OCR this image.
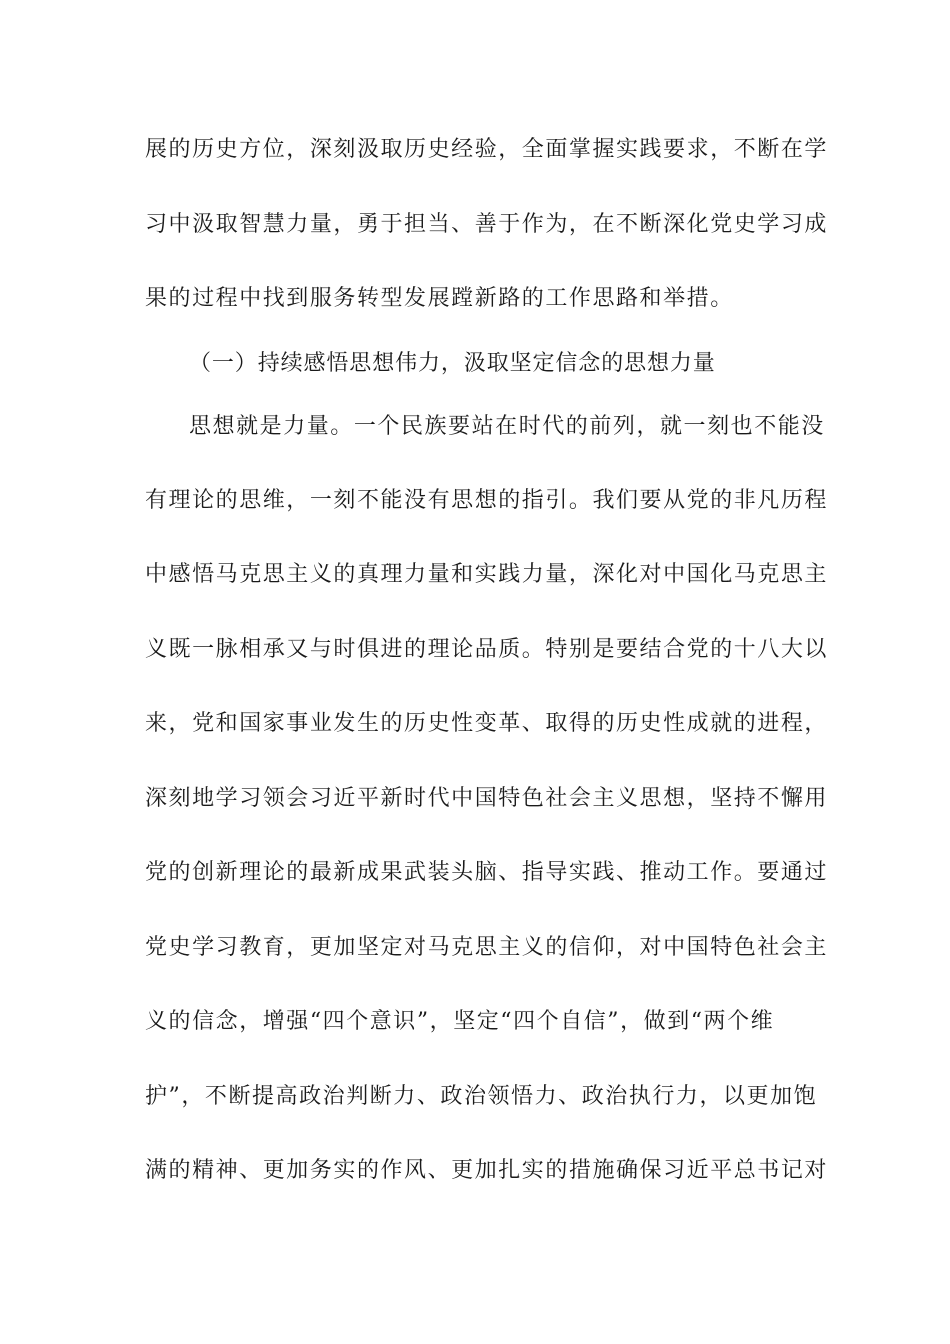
展的历史方位，深刻汲取历史经验，全面掌握实践要求，不断在学
习中汲取智慧力量，勇于担当、善于作为，在不断深化党史学习成
果的过程中找到服务转型发展蹚新路的工作思路和举措。
（一）持续感悟思想伟力，汲取坚定信念的思想力量
思想就是力量。一个民族要站在时代的前列，就一刻也不能没
有理论的思维，一刻不能没有思想的指引。我们要从党的非凡历程
中感悟马克思主义的真理力量和实践力量，深化对中国化马克思主
义既一脉相承又与时俱进的理论品质。特别是要结合党的十八大以
来，党和国家事业发生的历史性变革、取得的历史性成就的进程，
深刻地学习领会习近平新时代中国特色社会主义思想，坚持不懈用
党的创新理论的最新成果武装头脑、指导实践、推动工作。要通过
党史学习教育，更加坚定对马克思主义的信仰，对中国特色社会主
义的信念，增强“四个意识”，坚定“四个自信”，做到“两个维
护”，不断提高政治判断力、政治领悟力、政治执行力，以更加饱
满的精神、更加务实的作风、更加扎实的措施确保习近平总书记对
